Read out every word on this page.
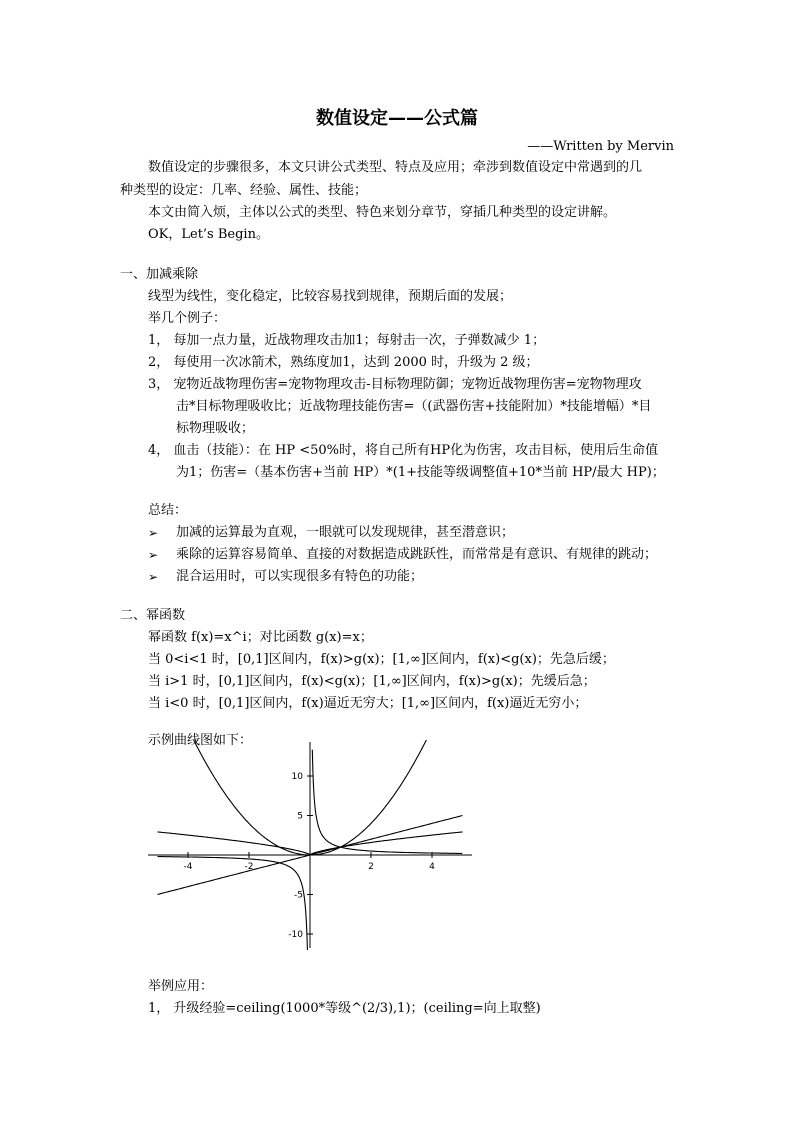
数值设定——公式篇
——Written by Mervin
数值设定的步骤很多，本文只讲公式类型、特点及应用；牵涉到数值设定中常遇到的几
种类型的设定：几率、经验、属性、技能；
本文由简入烦，主体以公式的类型、特色来划分章节，穿插几种类型的设定讲解。
OK，Let’s Begin。
一、加减乘除
线型为线性，变化稳定，比较容易找到规律，预期后面的发展；
举几个例子：
1， 每加一点力量，近战物理攻击加1；每射击一次，子弹数减少 1；
2， 每使用一次冰箭术，熟练度加1，达到 2000 时，升级为 2 级；
3， 宠物近战物理伤害=宠物物理攻击-目标物理防御；宠物近战物理伤害=宠物物理攻
击*目标物理吸收比；近战物理技能伤害=（(武器伤害+技能附加）*技能增幅）*目
标物理吸收；
4， 血击（技能）：在 HP <50%时，将自己所有HP化为伤害，攻击目标，使用后生命值
为1；伤害=（基本伤害+当前 HP）*(1+技能等级调整值+10*当前 HP/最大 HP)；
总结：
➢ 加减的运算最为直观，一眼就可以发现规律，甚至潜意识；
➢ 乘除的运算容易简单、直接的对数据造成跳跃性，而常常是有意识、有规律的跳动；
➢ 混合运用时，可以实现很多有特色的功能；
二、幂函数
幂函数 f(x)=x^i；对比函数 g(x)=x；
当 0<i<1 时，[0,1]区间内，f(x)>g(x)；[1,∞]区间内，f(x)<g(x)；先急后缓；
当 i>1 时，[0,1]区间内，f(x)<g(x)；[1,∞]区间内，f(x)>g(x)；先缓后急；
当 i<0 时，[0,1]区间内，f(x)逼近无穷大；[1,∞]区间内，f(x)逼近无穷小；
示例曲线图如下：
-4	-2	2	4
10
5
-5
-10
举例应用：
1， 升级经验=ceiling(1000*等级^(2/3),1)；(ceiling=向上取整)
